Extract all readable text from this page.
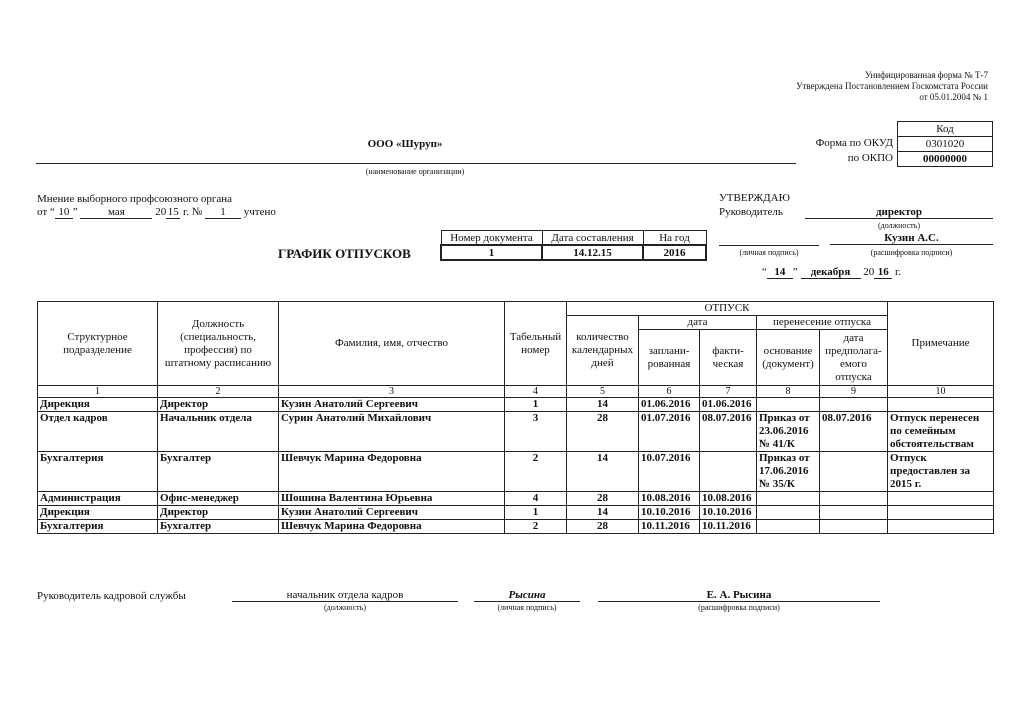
Унифицированная форма № Т-7
Утверждена Постановлением Госкомстата России
от 05.01.2004 № 1
Код
0301020
00000000
Форма по ОКУД
по ОКПО
ООО «Шуруп»
(наименование организации)
Мнение выборного профсоюзного органа
от “ 10 ”	мая	20 15 г. № 1 учтено
УТВЕРЖДАЮ
Руководитель	директор
(должность)
Кузин А.С.
(личная подпись)	(расшифровка подписи)
“ 14 ” декабря 20 16 г.
ГРАФИК ОТПУСКОВ
Номер документа	Дата составления	На год
1	14.12.15	2016
Структурное подразделение	Должность (специальность, профессия) по штатному расписанию	Фамилия, имя, отчество	Табельный номер	ОТПУСК					Примечание
				количество календарных дней	дата		перенесение отпуска		
					заплани-рованная	факти-ческая	основание (документ)	дата предполага-емого отпуска	
1	2	3	4	5	6	7	8	9	10
Дирекция	Директор	Кузин Анатолий Сергеевич	1	14	01.06.2016	01.06.2016			
Отдел кадров	Начальник отдела	Сурин Анатолий Михайлович	3	28	01.07.2016	08.07.2016	Приказ от 23.06.2016 № 41/К	08.07.2016	Отпуск перенесен по семейным обстоятельствам
Бухгалтерия	Бухгалтер	Шевчук Марина Федоровна	2	14	10.07.2016		Приказ от 17.06.2016 № 35/К		Отпуск предоставлен за 2015 г.
Администрация	Офис-менеджер	Шошина Валентина Юрьевна	4	28	10.08.2016	10.08.2016			
Дирекция	Директор	Кузин Анатолий Сергеевич	1	14	10.10.2016	10.10.2016			
Бухгалтерия	Бухгалтер	Шевчук Марина Федоровна	2	28	10.11.2016	10.11.2016			
Руководитель кадровой службы	начальник отдела кадров
(должность)
Рысина
(личная подпись)
Е. А. Рысина
(расшифровка подписи)
